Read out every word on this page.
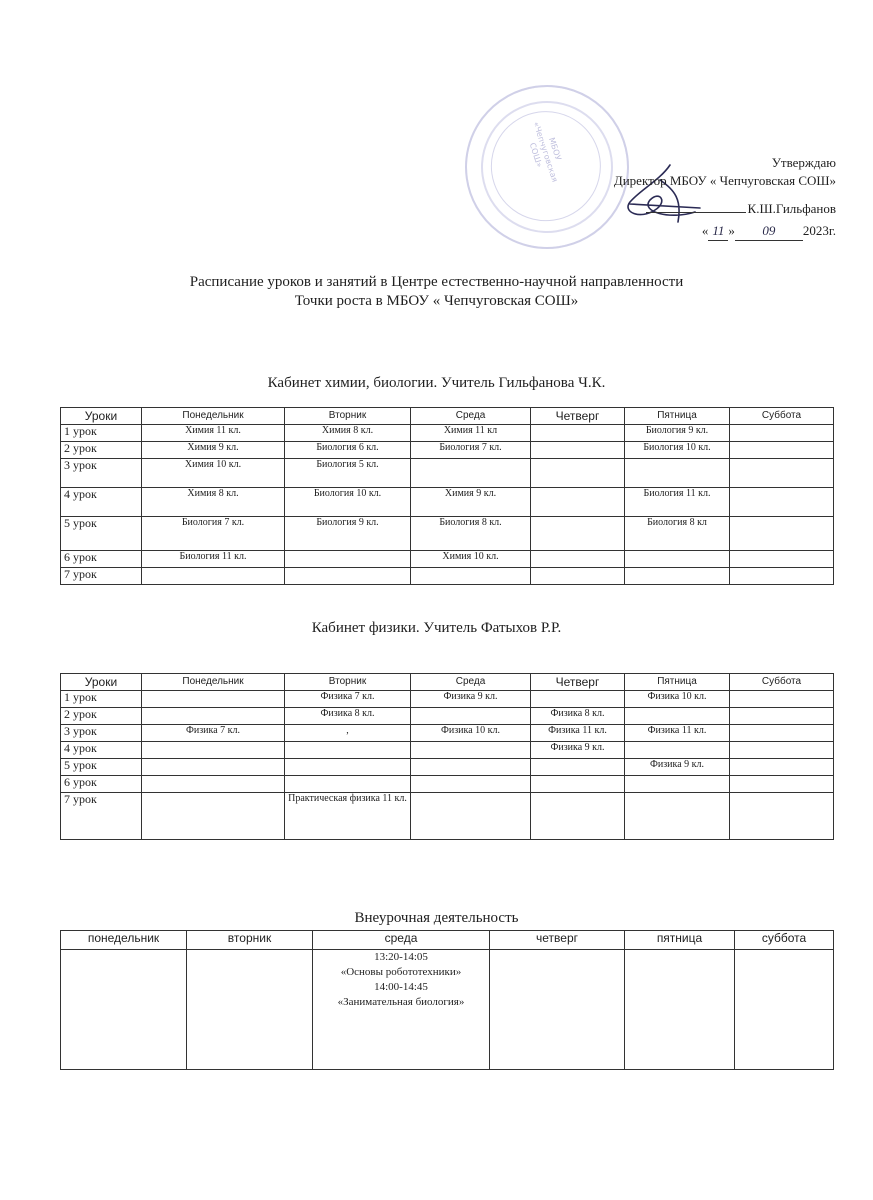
МБОУ «Чепчуговская СОШ»	Утверждаю
Директор МБОУ « Чепчуговская СОШ»
К.Ш.Гильфанов
« 11 » 09 2023г.
Расписание уроков и занятий в Центре естественно-научной направленности
Точки роста в МБОУ « Чепчуговская СОШ»
Кабинет химии, биологии. Учитель Гильфанова Ч.К.
Уроки	Понедельник	Вторник	Среда	Четверг	Пятница	Суббота
1 урок	Химия 11 кл.	Химия 8 кл.	Химия 11 кл		Биология 9 кл.	
2 урок	Химия 9 кл.	Биология 6 кл.	Биология 7 кл.		Биология 10 кл.	
3 урок	Химия 10 кл.	Биология 5 кл.				
4 урок	Химия 8 кл.	Биология 10 кл.	Химия 9 кл.		Биология 11 кл.	
5 урок	Биология 7 кл.	Биология 9 кл.	Биология 8 кл.		Биология 8 кл	
6 урок	Биология 11 кл.		Химия 10 кл.			
7 урок						
Кабинет физики. Учитель Фатыхов Р.Р.
Уроки	Понедельник	Вторник	Среда	Четверг	Пятница	Суббота
1 урок		Физика 7 кл.	Физика 9 кл.		Физика 10 кл.	
2 урок		Физика 8 кл.		Физика 8 кл.		
3 урок	Физика 7 кл.	,	Физика 10 кл.	Физика 11 кл.	Физика 11 кл.	
4 урок				Физика 9 кл.		
5 урок					Физика 9 кл.	
6 урок						
7 урок		Практическая физика 11 кл.				
Внеурочная деятельность
понедельник	вторник	среда	четверг	пятница	суббота

		13:20-14:05
«Основы робототехники»
14:00-14:45
«Занимательная биология»			
